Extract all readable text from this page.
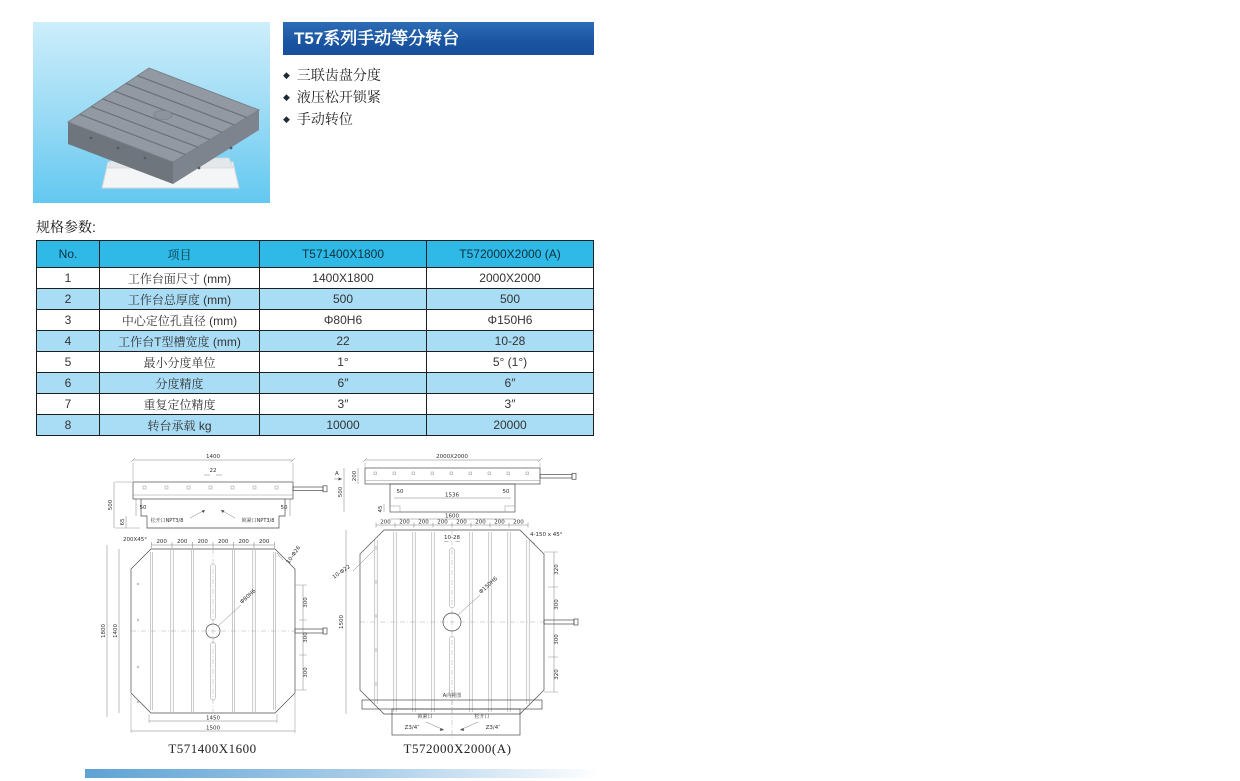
T57系列手动等分转台
◆ 三联齿盘分度
◆ 液压松开锁紧
◆ 手动转位
规格参数:
No.	项目	T571400X1800	T572000X2000 (A)
1	工作台面尺寸 (mm)	1400X1800	2000X2000
2	工作台总厚度 (mm)	500	500
3	中心定位孔直径 (mm)	Φ80H6	Φ150H6
4	工作台T型槽宽度 (mm)	22	10-28
5	最小分度单位	1°	5° (1°)
6	分度精度	6″	6″
7	重复定位精度	3″	3″
8	转台承载 kg	10000	20000
1400
22
松开口NPT3/8	锁紧口NPT3/8
500	50	50
65
200X45° 200 200 200 200 200 200
Φ80H6
10-Φ26
300
300
300
1800 1400
1450
1500
2000X2000
A 200
500	50
1536
50
45
1600
200 200 200 200 200 200 200 200
10-28	4-150 x 45°
10-Φ22
1500
Φ150H6
320
300
300
320
A向视图
锁紧口	松开口
Z3/4″	Z3/4″
T571400X1600	T572000X2000(A)
